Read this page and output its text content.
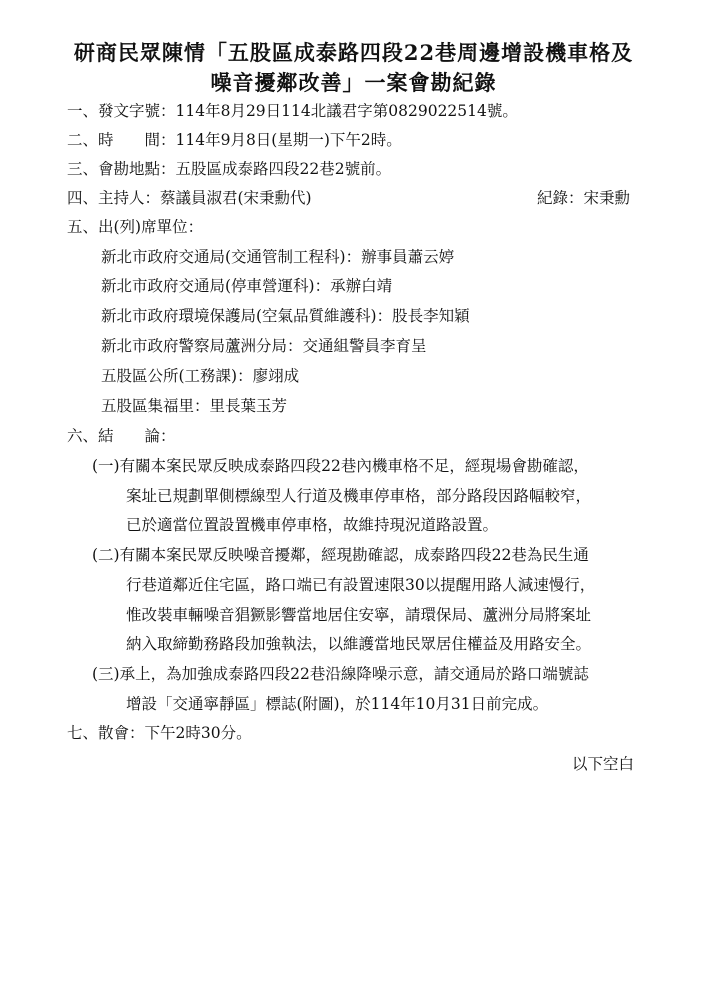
研商民眾陳情「五股區成泰路四段22巷周邊增設機車格及
噪音擾鄰改善」一案會勘紀錄
一、發文字號：114年8月29日114北議君字第0829022514號。
二、時　　間：114年9月8日(星期一)下午2時。
三、會勘地點：五股區成泰路四段22巷2號前。
四、主持人：蔡議員淑君(宋秉勳代)	紀錄：宋秉勳
五、出(列)席單位：
新北市政府交通局(交通管制工程科)：辦事員蕭云婷
新北市政府交通局(停車營運科)：承辦白靖
新北市政府環境保護局(空氣品質維護科)：股長李知穎
新北市政府警察局蘆洲分局：交通組警員李育呈
五股區公所(工務課)：廖翊成
五股區集福里：里長葉玉芳
六、結　　論：
(一)有關本案民眾反映成泰路四段22巷內機車格不足，經現場會勘確認，
案址已規劃單側標線型人行道及機車停車格，部分路段因路幅較窄，
已於適當位置設置機車停車格，故維持現況道路設置。
(二)有關本案民眾反映噪音擾鄰，經現勘確認，成泰路四段22巷為民生通
行巷道鄰近住宅區，路口端已有設置速限30以提醒用路人減速慢行，
惟改裝車輛噪音猖獗影響當地居住安寧，請環保局、蘆洲分局將案址
納入取締勤務路段加強執法，以維護當地民眾居住權益及用路安全。
(三)承上，為加強成泰路四段22巷沿線降噪示意，請交通局於路口端號誌
增設「交通寧靜區」標誌(附圖)，於114年10月31日前完成。
七、散會：下午2時30分。
以下空白
